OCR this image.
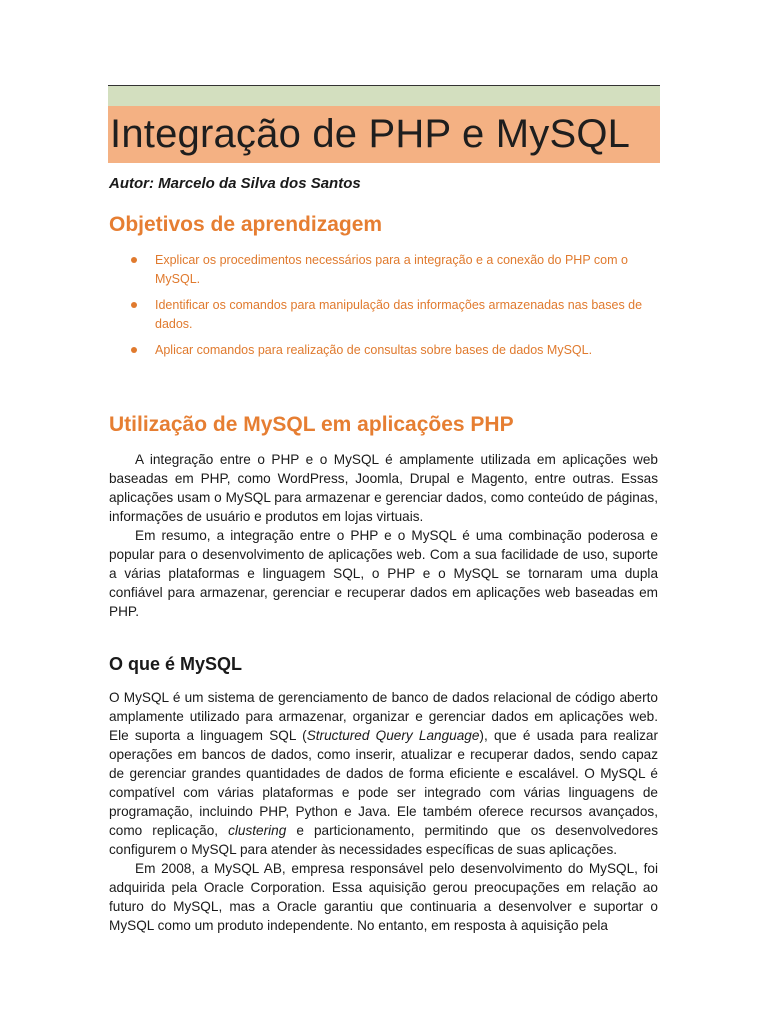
Integração de PHP e MySQL
Autor: Marcelo da Silva dos Santos
Objetivos de aprendizagem
Explicar os procedimentos necessários para a integração e a conexão do PHP com o MySQL.
Identificar os comandos para manipulação das informações armazenadas nas bases de dados.
Aplicar comandos para realização de consultas sobre bases de dados MySQL.
Utilização de MySQL em aplicações PHP

A integração entre o PHP e o MySQL é amplamente utilizada em aplicações web baseadas em PHP, como WordPress, Joomla, Drupal e Magento, entre outras. Essas aplicações usam o MySQL para armazenar e gerenciar dados, como conteúdo de páginas, informações de usuário e produtos em lojas virtuais.

Em resumo, a integração entre o PHP e o MySQL é uma combinação poderosa e popular para o desenvolvimento de aplicações web. Com a sua facilidade de uso, suporte a várias plataformas e linguagem SQL, o PHP e o MySQL se tornaram uma dupla confiável para armazenar, gerenciar e recuperar dados em aplicações web baseadas em PHP.

O que é MySQL

O MySQL é um sistema de gerenciamento de banco de dados relacional de código aberto amplamente utilizado para armazenar, organizar e gerenciar dados em aplicações web. Ele suporta a linguagem SQL (Structured Query Language), que é usada para realizar operações em bancos de dados, como inserir, atualizar e recuperar dados, sendo capaz de gerenciar grandes quantidades de dados de forma eficiente e escalável. O MySQL é compatível com várias plataformas e pode ser integrado com várias linguagens de programação, incluindo PHP, Python e Java. Ele também oferece recursos avançados, como replicação, clustering e particionamento, permitindo que os desenvolvedores configurem o MySQL para atender às necessidades específicas de suas aplicações.

Em 2008, a MySQL AB, empresa responsável pelo desenvolvimento do MySQL, foi adquirida pela Oracle Corporation. Essa aquisição gerou preocupações em relação ao futuro do MySQL, mas a Oracle garantiu que continuaria a desenvolver e suportar o MySQL como um produto independente. No entanto, em resposta à aquisição pela
